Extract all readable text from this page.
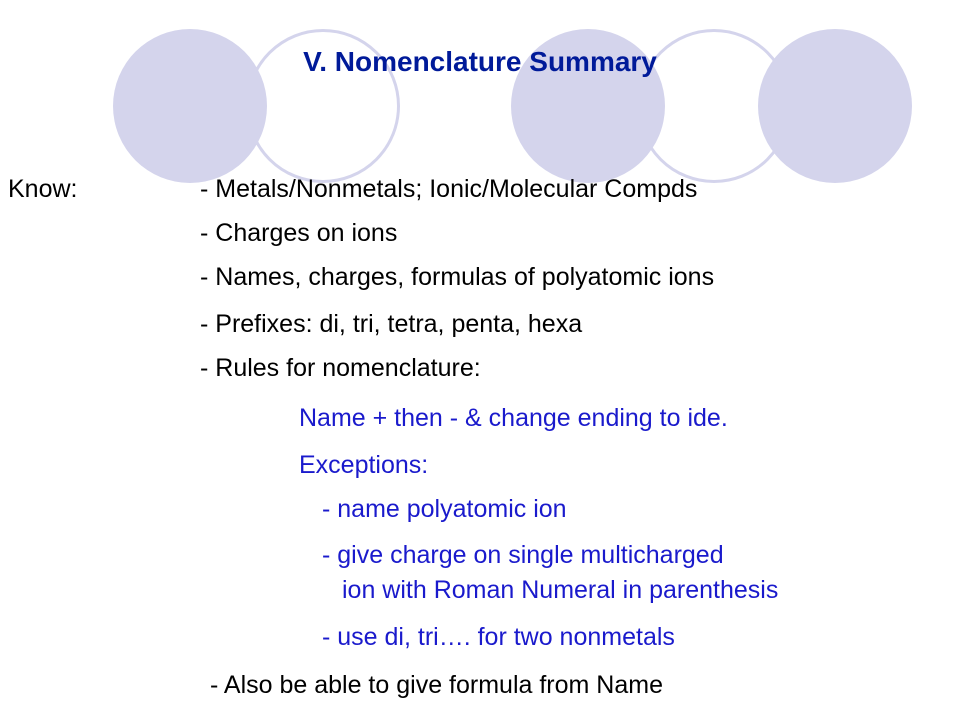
V. Nomenclature Summary
Know:	- Metals/Nonmetals; Ionic/Molecular Compds
- Charges on ions
- Names, charges, formulas of polyatomic ions
- Prefixes: di, tri, tetra, penta, hexa
- Rules for nomenclature:
Name + then - & change ending to ide.
Exceptions:
- name polyatomic ion
- give charge on single multicharged
ion with Roman Numeral in parenthesis
- use di, tri…. for two nonmetals
- Also be able to give formula from Name
